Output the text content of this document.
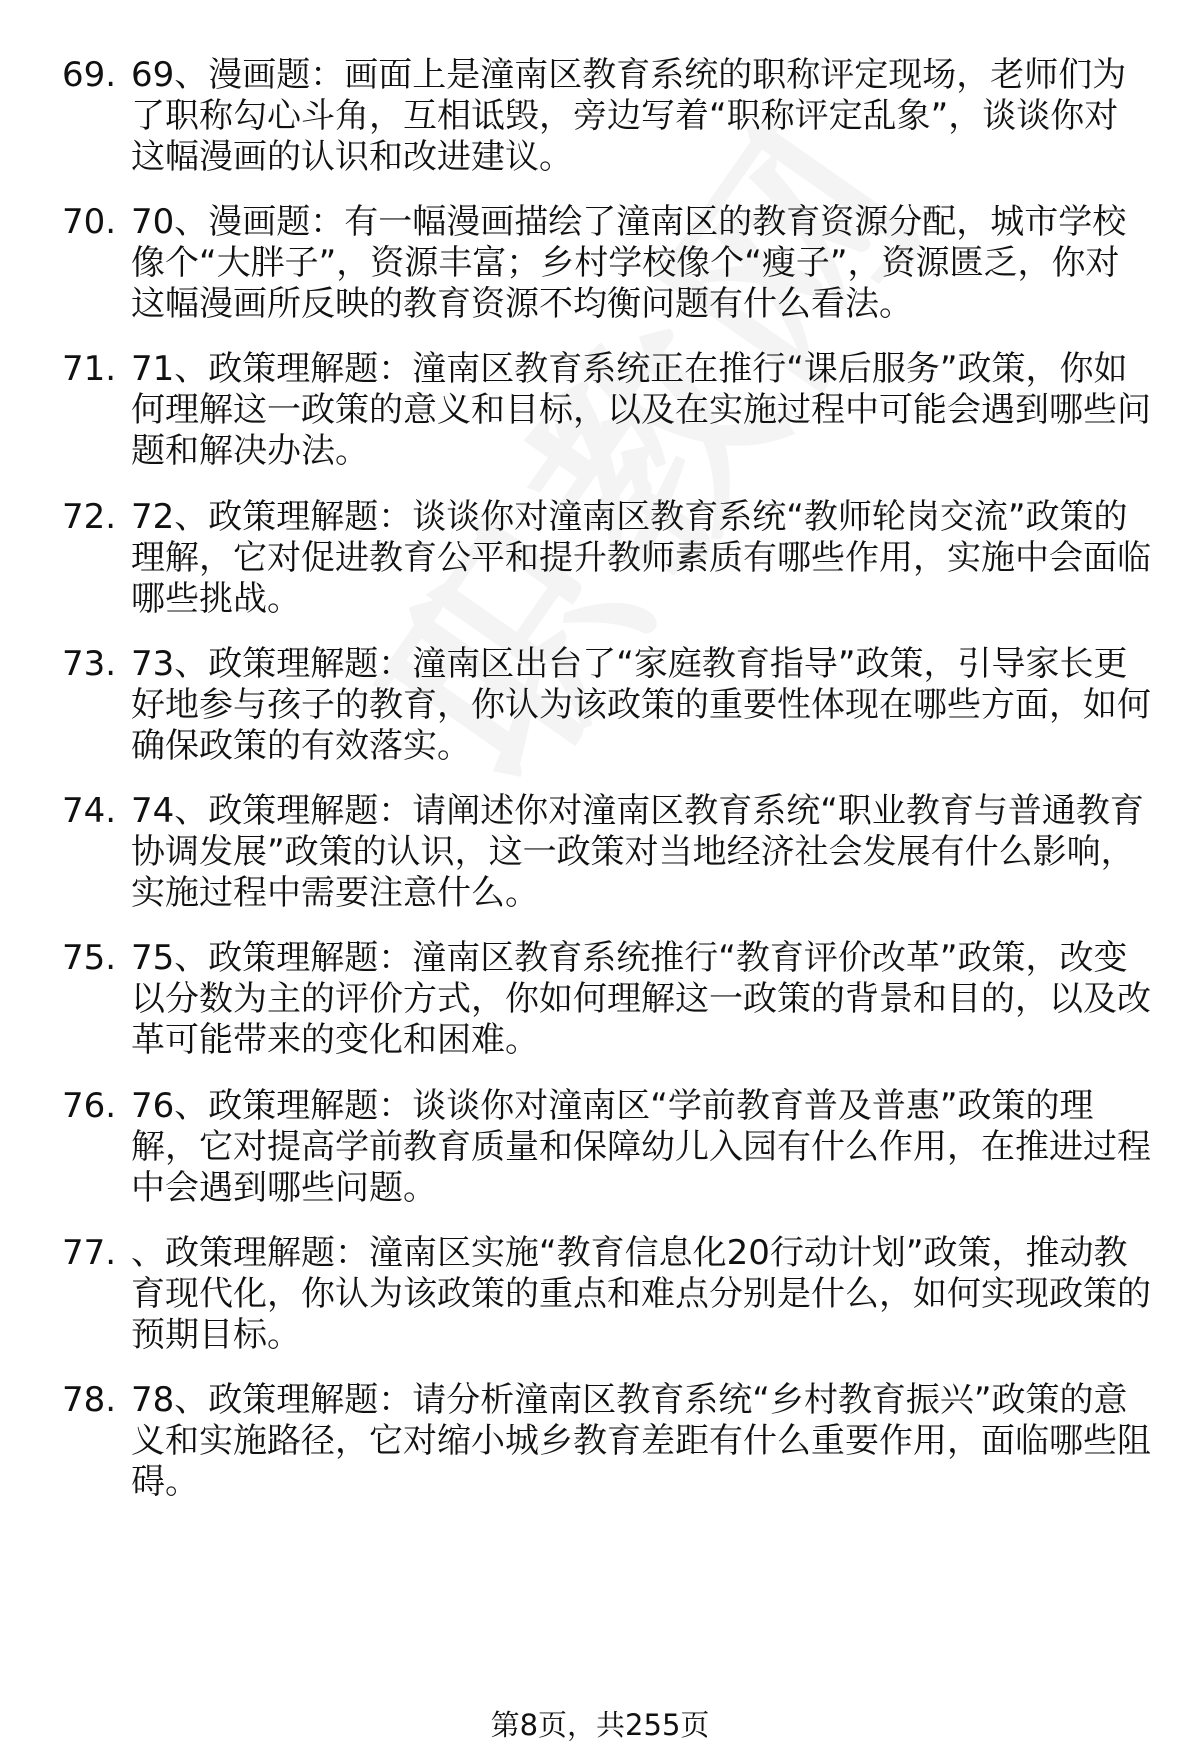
69. 69、漫画题：画面上是潼南区教育系统的职称评定现场，老师们为了职称勾心斗角，互相诋毁，旁边写着“职称评定乱象”，谈谈你对这幅漫画的认识和改进建议。
70. 70、漫画题：有一幅漫画描绘了潼南区的教育资源分配，城市学校像个“大胖子”，资源丰富；乡村学校像个“瘦子”，资源匮乏，你对这幅漫画所反映的教育资源不均衡问题有什么看法。
71. 71、政策理解题：潼南区教育系统正在推行“课后服务”政策，你如何理解这一政策的意义和目标，以及在实施过程中可能会遇到哪些问题和解决办法。
72. 72、政策理解题：谈谈你对潼南区教育系统“教师轮岗交流”政策的理解，它对促进教育公平和提升教师素质有哪些作用，实施中会面临哪些挑战。
73. 73、政策理解题：潼南区出台了“家庭教育指导”政策，引导家长更好地参与孩子的教育，你认为该政策的重要性体现在哪些方面，如何确保政策的有效落实。
74. 74、政策理解题：请阐述你对潼南区教育系统“职业教育与普通教育协调发展”政策的认识，这一政策对当地经济社会发展有什么影响，实施过程中需要注意什么。
75. 75、政策理解题：潼南区教育系统推行“教育评价改革”政策，改变以分数为主的评价方式，你如何理解这一政策的背景和目的，以及改革可能带来的变化和困难。
76. 76、政策理解题：谈谈你对潼南区“学前教育普及普惠”政策的理解，它对提高学前教育质量和保障幼儿入园有什么作用，在推进过程中会遇到哪些问题。
77. 、政策理解题：潼南区实施“教育信息化20行动计划”政策，推动教育现代化，你认为该政策的重点和难点分别是什么，如何实现政策的预期目标。
78. 78、政策理解题：请分析潼南区教育系统“乡村教育振兴”政策的意义和实施路径，它对缩小城乡教育差距有什么重要作用，面临哪些阻碍。
第8页，共255页
